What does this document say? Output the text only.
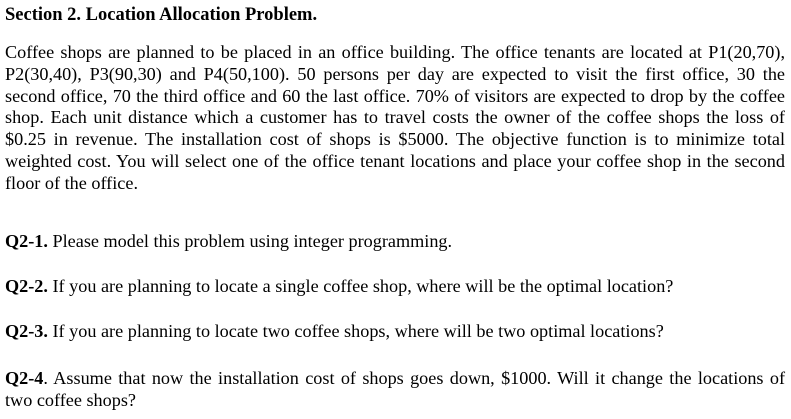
Section 2. Location Allocation Problem.
Coffee shops are planned to be placed in an office building. The office tenants are located at P1(20,70), P2(30,40), P3(90,30) and P4(50,100). 50 persons per day are expected to visit the first office, 30 the second office, 70 the third office and 60 the last office. 70% of visitors are expected to drop by the coffee shop. Each unit distance which a customer has to travel costs the owner of the coffee shops the loss of $0.25 in revenue. The installation cost of shops is $5000. The objective function is to minimize total weighted cost. You will select one of the office tenant locations and place your coffee shop in the second floor of the office.
Q2-1. Please model this problem using integer programming.
Q2-2. If you are planning to locate a single coffee shop, where will be the optimal location?
Q2-3. If you are planning to locate two coffee shops, where will be two optimal locations?
Q2-4. Assume that now the installation cost of shops goes down, $1000. Will it change the locations of two coffee shops?
